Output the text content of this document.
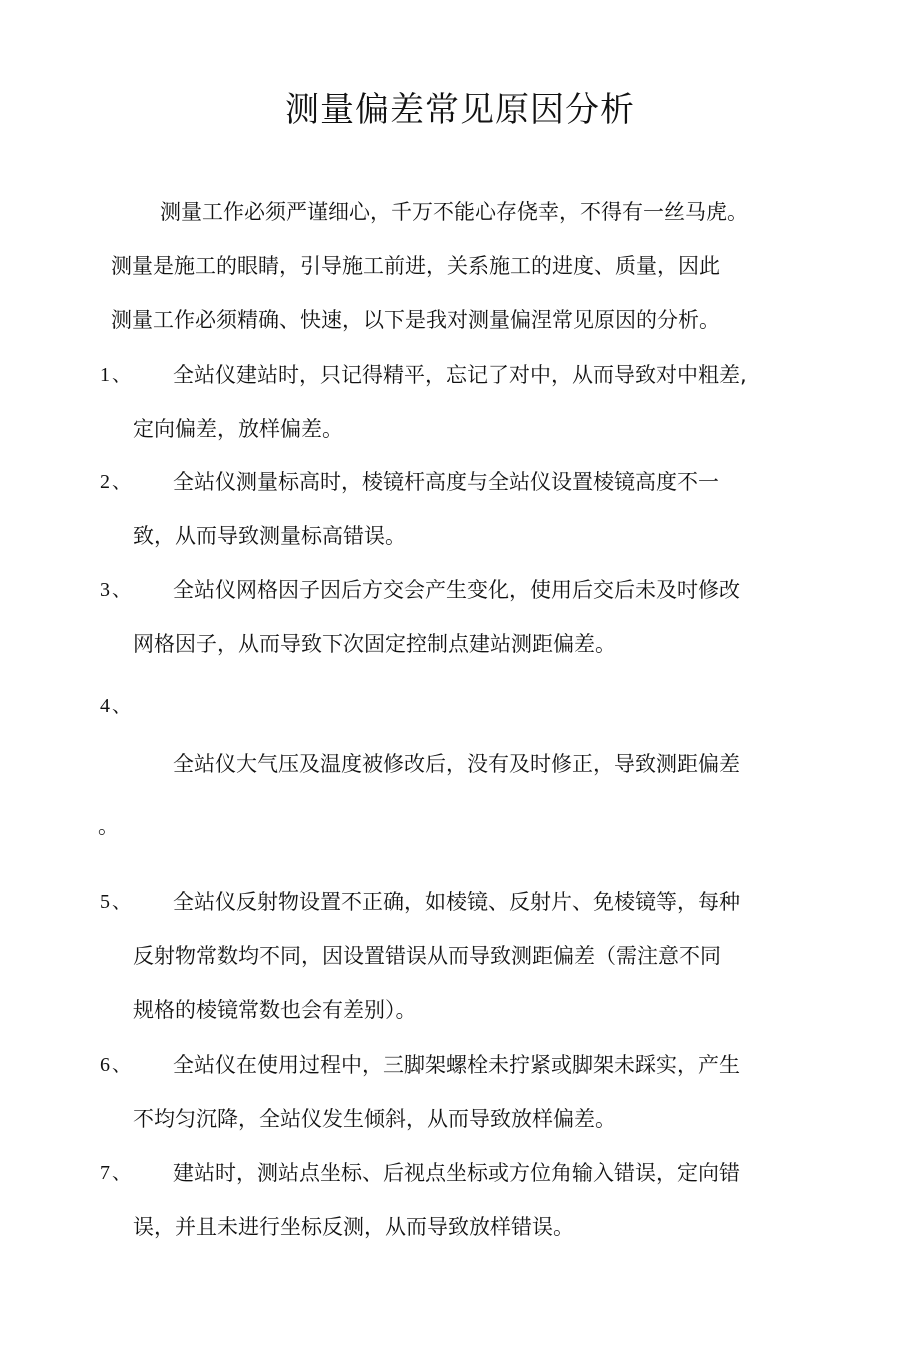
测量偏差常见原因分析

测量工作必须严谨细心，千万不能心存侥幸，不得有一丝马虎。

测量是施工的眼睛，引导施工前进，关系施工的进度、质量，因此

测量工作必须精确、快速，以下是我对测量偏涅常见原因的分析。

1 、 全站仪建站时，只记得精平，忘记了对中，从而导致对中粗差,
定向偏差，放样偏差。
2 、 全站仪测量标高时，棱镜杆高度与全站仪设置棱镜高度不一
致，从而导致测量标高错误。
3 、 全站仪网格因子因后方交会产生变化，使用后交后未及吋修改
网格因子，从而导致下次固定控制点建站测距偏差。
4 、
全站仪大气压及温度被修改后，没有及时修正，导致测距偏差
。
5 、 全站仪反射物设置不正确，如棱镜、反射片、免棱镜等，每种
反射物常数均不同，因设置错误从而导致测距偏差（需注意不同
规格的棱镜常数也会有差别）。
6 、 全站仪在使用过程中，三脚架螺栓未拧紧或脚架未踩实，产生
不均匀沉降，全站仪发生倾斜，从而导致放样偏差。
7 、 建站时，测站点坐标、后视点坐标或方位角输入错误，定向错
误，并且未进行坐标反测，从而导致放样错误。
